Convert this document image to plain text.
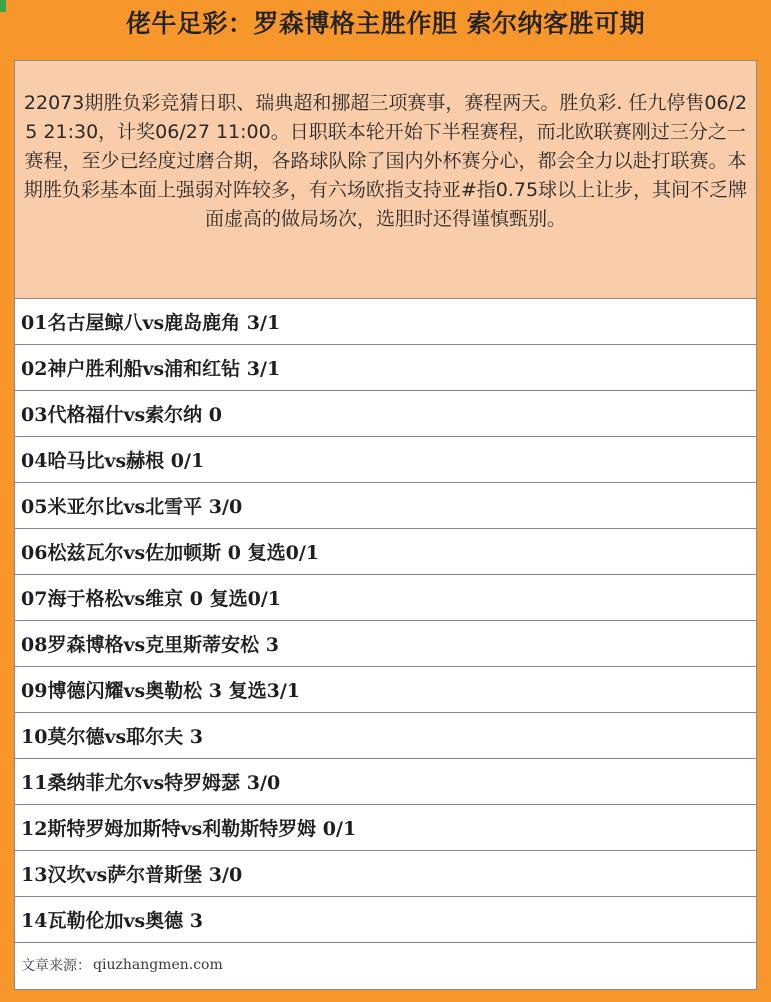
佬牛足彩：罗森博格主胜作胆 索尔纳客胜可期
22073期胜负彩竞猜日职、瑞典超和挪超三项赛事，赛程两天。胜负彩. 任九停售06/25 21:30，计奖06/27 11:00。日职联本轮开始下半程赛程，而北欧联赛刚过三分之一赛程，至少已经度过磨合期，各路球队除了国内外杯赛分心，都会全力以赴打联赛。本期胜负彩基本面上强弱对阵较多，有六场欧指支持亚#指0.75球以上让步，其间不乏牌面虚高的做局场次，选胆时还得谨慎甄别。
01名古屋鲸八vs鹿岛鹿角 3/1
02神户胜利船vs浦和红钻 3/1
03代格福什vs索尔纳 0
04哈马比vs赫根 0/1
05米亚尔比vs北雪平 3/0
06松兹瓦尔vs佐加顿斯 0 复选0/1
07海于格松vs维京 0 复选0/1
08罗森博格vs克里斯蒂安松 3
09博德闪耀vs奥勒松 3 复选3/1
10莫尔德vs耶尔夫 3
11桑纳菲尤尔vs特罗姆瑟 3/0
12斯特罗姆加斯特vs利勒斯特罗姆 0/1
13汉坎vs萨尔普斯堡 3/0
14瓦勒伦加vs奥德 3
文章来源： qiuzhangmen.com
